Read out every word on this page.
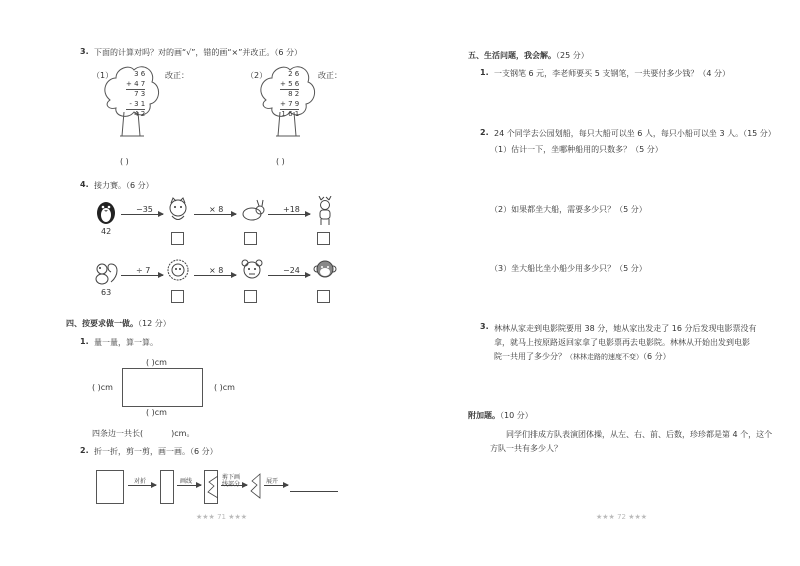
3. 下面的计算对吗？对的画“√”，错的画“×”并改正。（6 分）
（1）	3 6
+ 4 7
7 3
- 3 1
4 2
改正：
( )
（2）	2 6
+ 5 6
8 2
+ 7 9
1 6 1
改正：
( )
4. 接力赛。（6 分）
42
−35	× 8	+18
63
÷ 7	× 8	−24
四、按要求做一做。（12 分）
1. 量一量，算一算。
( )cm
( )cm	( )cm
( )cm
四条边一共长(	)cm。
2. 折一折，剪一剪，画一画。（6 分）
对折	画线
剪下画
线部分	展开
★★★ 71 ★★★
五、生活问题，我会解。（25 分）
1. 一支钢笔 6 元，李老师要买 5 支钢笔，一共要付多少钱？（4 分）
2. 24 个同学去公园划船，每只大船可以坐 6 人，每只小船可以坐 3 人。（15 分）
（1）估计一下，坐哪种船用的只数多？（5 分）
（2）如果都坐大船，需要多少只？（5 分）
（3）坐大船比坐小船少用多少只？（5 分）
3. 林林从家走到电影院要用 38 分，她从家出发走了 16 分后发现电影票没有
拿，就马上按原路返回家拿了电影票再去电影院。林林从开始出发到电影
院一共用了多少分？（林林走路的速度不变）（6 分）
附加题。（10 分）
同学们排成方队表演团体操，从左、右、前、后数，珍珍都是第 4 个，这个
方队一共有多少人？
★★★ 72 ★★★
